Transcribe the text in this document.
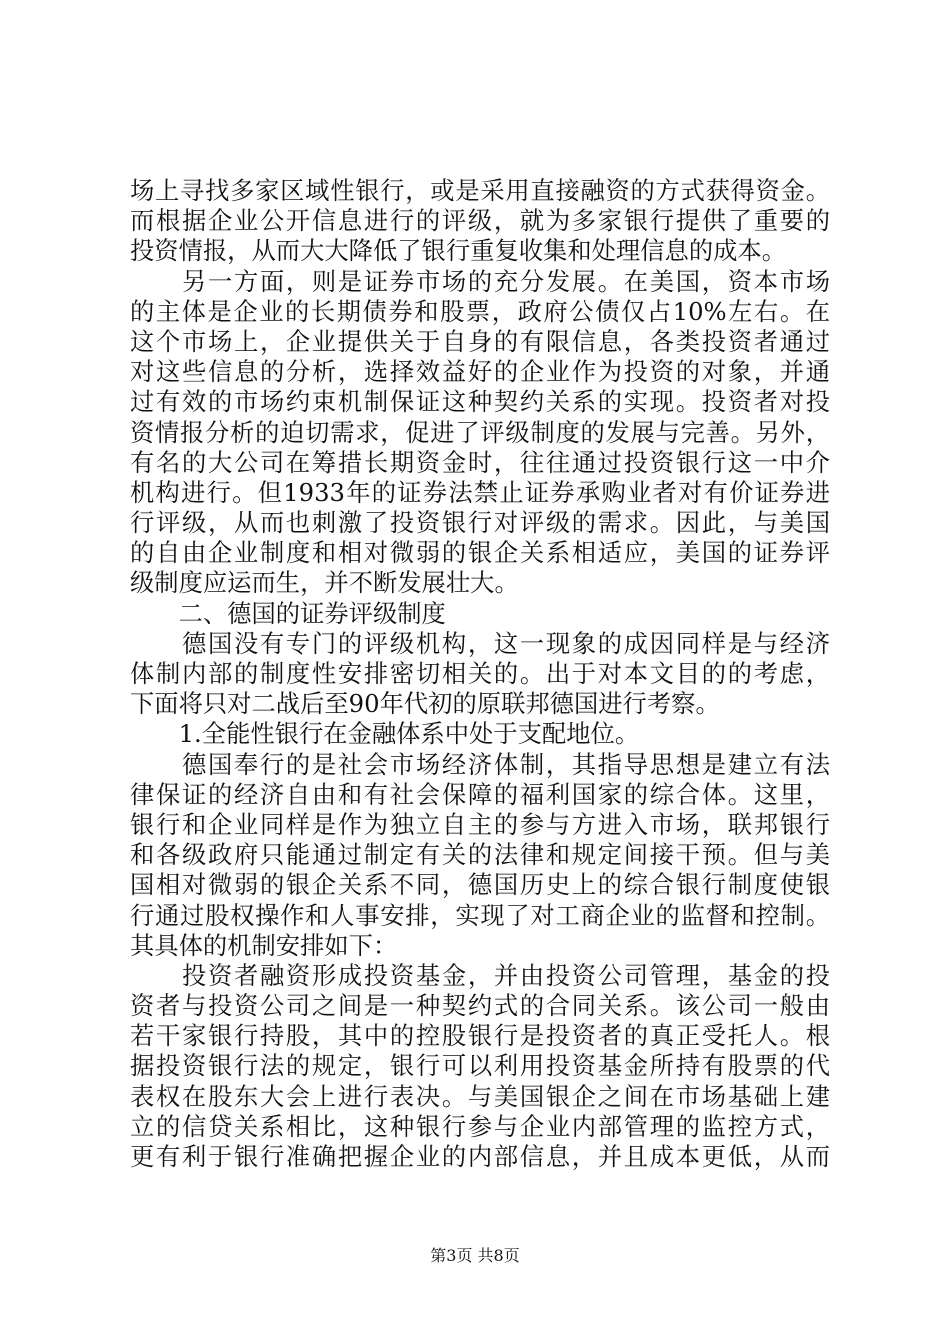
场上寻找多家区域性银行，或是采用直接融资的方式获得资金。
而根据企业公开信息进行的评级，就为多家银行提供了重要的
投资情报，从而大大降低了银行重复收集和处理信息的成本。
　　另一方面，则是证券市场的充分发展。在美国，资本市场
的主体是企业的长期债券和股票，政府公债仅占10%左右。在
这个市场上，企业提供关于自身的有限信息，各类投资者通过
对这些信息的分析，选择效益好的企业作为投资的对象，并通
过有效的市场约束机制保证这种契约关系的实现。投资者对投
资情报分析的迫切需求，促进了评级制度的发展与完善。另外，
有名的大公司在筹措长期资金时，往往通过投资银行这一中介
机构进行。但1933年的证券法禁止证券承购业者对有价证券进
行评级，从而也刺激了投资银行对评级的需求。因此，与美国
的自由企业制度和相对微弱的银企关系相适应，美国的证券评
级制度应运而生，并不断发展壮大。
　　二、德国的证券评级制度
　　德国没有专门的评级机构，这一现象的成因同样是与经济
体制内部的制度性安排密切相关的。出于对本文目的的考虑，
下面将只对二战后至90年代初的原联邦德国进行考察。
　　1.全能性银行在金融体系中处于支配地位。
　　德国奉行的是社会市场经济体制，其指导思想是建立有法
律保证的经济自由和有社会保障的福利国家的综合体。这里，
银行和企业同样是作为独立自主的参与方进入市场，联邦银行
和各级政府只能通过制定有关的法律和规定间接干预。但与美
国相对微弱的银企关系不同，德国历史上的综合银行制度使银
行通过股权操作和人事安排，实现了对工商企业的监督和控制。
其具体的机制安排如下：
　　投资者融资形成投资基金，并由投资公司管理，基金的投
资者与投资公司之间是一种契约式的合同关系。该公司一般由
若干家银行持股，其中的控股银行是投资者的真正受托人。根
据投资银行法的规定，银行可以利用投资基金所持有股票的代
表权在股东大会上进行表决。与美国银企之间在市场基础上建
立的信贷关系相比，这种银行参与企业内部管理的监控方式，
更有利于银行准确把握企业的内部信息，并且成本更低，从而
第3页 共8页
